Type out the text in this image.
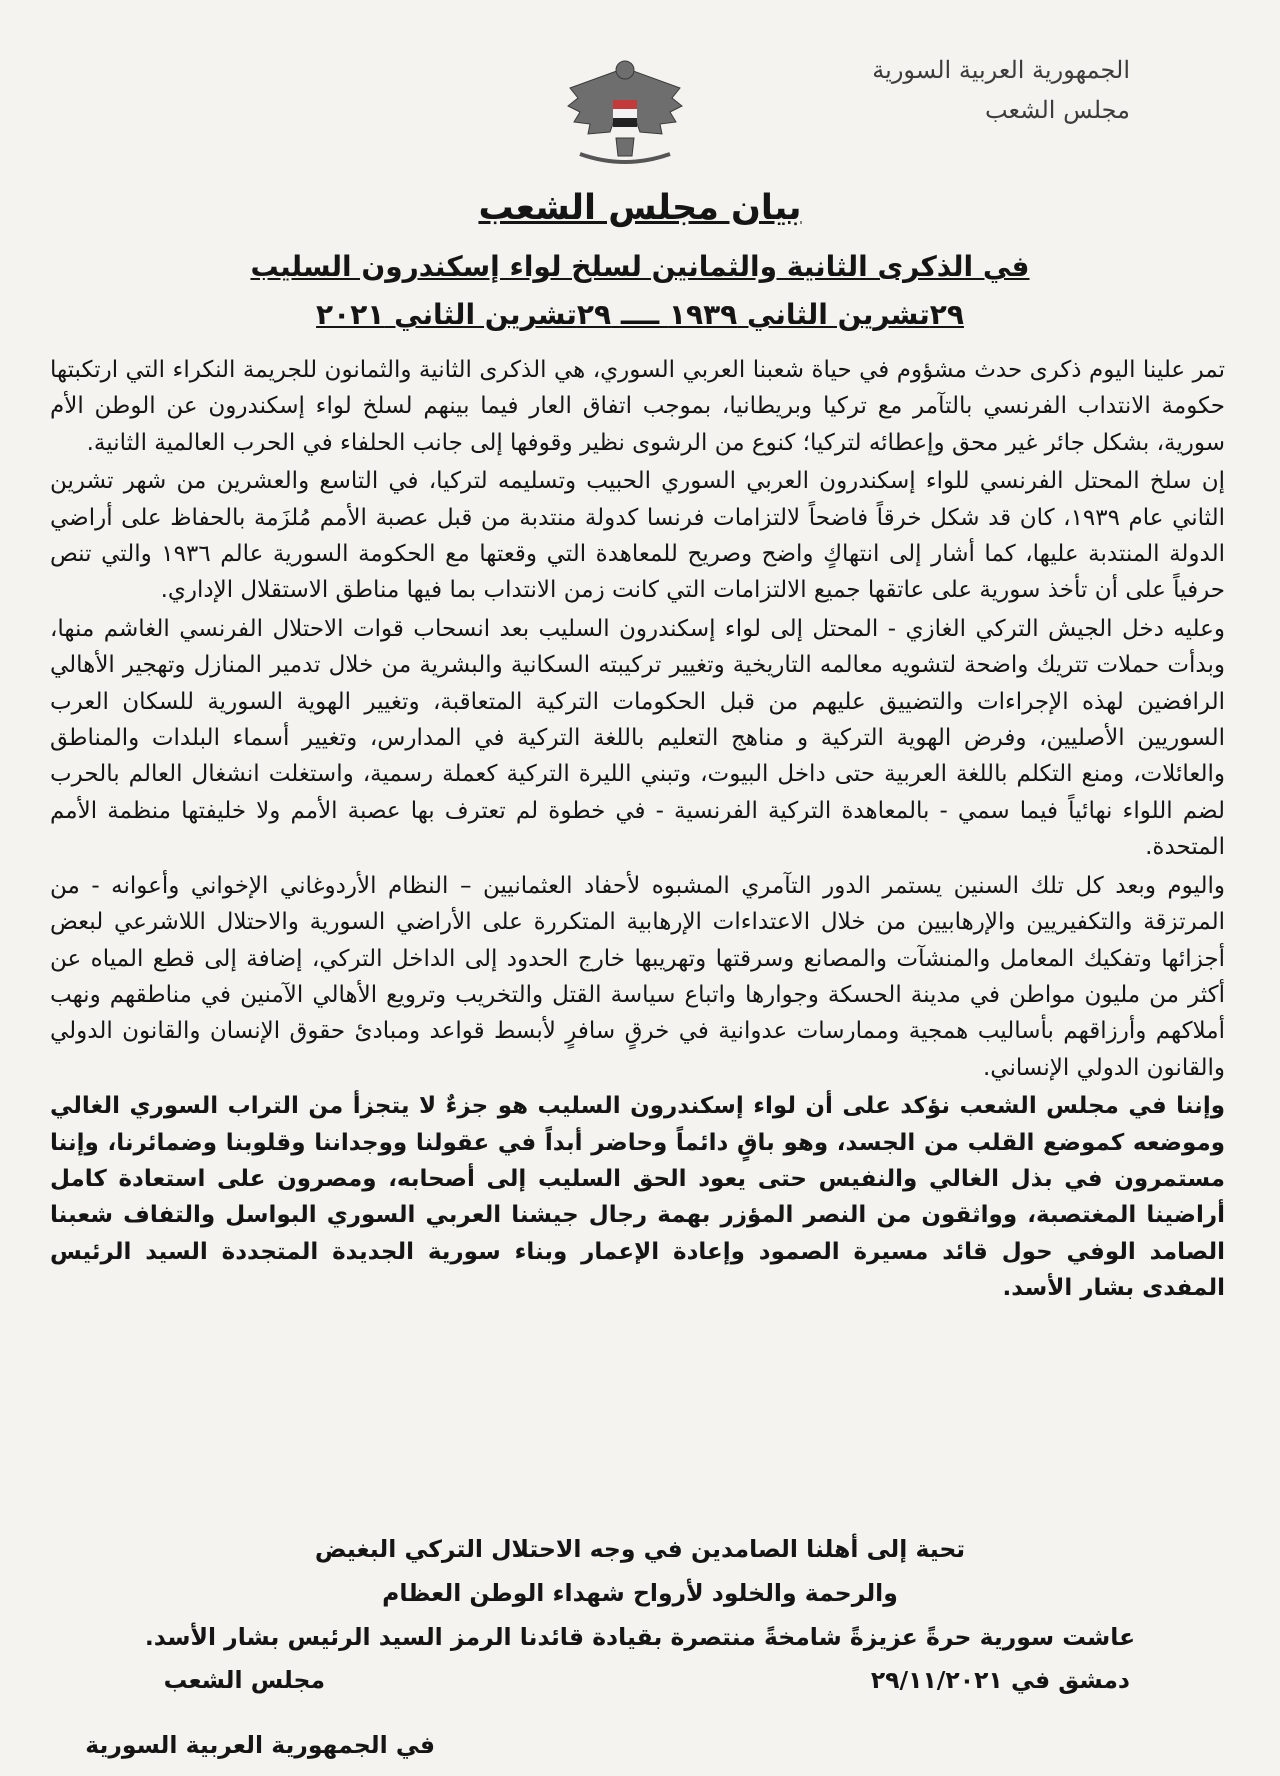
الجمهورية العربية السورية
مجلس الشعب
بيان مجلس الشعب
في الذكرى الثانية والثمانين لسلخ لواء إسكندرون السليب
٢٩تشرين الثاني ١٩٣٩ ــــ ٢٩تشرين الثاني ٢٠٢١

تمر علينا اليوم ذكرى حدث مشؤوم في حياة شعبنا العربي السوري، هي الذكرى الثانية والثمانون للجريمة النكراء التي ارتكبتها حكومة الانتداب الفرنسي بالتآمر مع تركيا وبريطانيا، بموجب اتفاق العار فيما بينهم لسلخ لواء إسكندرون عن الوطن الأم سورية، بشكل جائر غير محق وإعطائه لتركيا؛ كنوع من الرشوى نظير وقوفها إلى جانب الحلفاء في الحرب العالمية الثانية.

إن سلخ المحتل الفرنسي للواء إسكندرون العربي السوري الحبيب وتسليمه لتركيا، في التاسع والعشرين من شهر تشرين الثاني عام ١٩٣٩، كان قد شكل خرقاً فاضحاً لالتزامات فرنسا كدولة منتدبة من قبل عصبة الأمم مُلزَمة بالحفاظ على أراضي الدولة المنتدبة عليها، كما أشار إلى انتهاكٍ واضح وصريح للمعاهدة التي وقعتها مع الحكومة السورية عالم ١٩٣٦ والتي تنص حرفياً على أن تأخذ سورية على عاتقها جميع الالتزامات التي كانت زمن الانتداب بما فيها مناطق الاستقلال الإداري.

وعليه دخل الجيش التركي الغازي - المحتل إلى لواء إسكندرون السليب بعد انسحاب قوات الاحتلال الفرنسي الغاشم منها، وبدأت حملات تتريك واضحة لتشويه معالمه التاريخية وتغيير تركيبته السكانية والبشرية من خلال تدمير المنازل وتهجير الأهالي الرافضين لهذه الإجراءات والتضييق عليهم من قبل الحكومات التركية المتعاقبة، وتغيير الهوية السورية للسكان العرب السوريين الأصليين، وفرض الهوية التركية و مناهج التعليم باللغة التركية في المدارس، وتغيير أسماء البلدات والمناطق والعائلات، ومنع التكلم باللغة العربية حتى داخل البيوت، وتبني الليرة التركية كعملة رسمية، واستغلت انشغال العالم بالحرب لضم اللواء نهائياً فيما سمي - بالمعاهدة التركية الفرنسية - في خطوة لم تعترف بها عصبة الأمم ولا خليفتها منظمة الأمم المتحدة.

واليوم وبعد كل تلك السنين يستمر الدور التآمري المشبوه لأحفاد العثمانيين – النظام الأردوغاني الإخواني وأعوانه - من المرتزقة والتكفيريين والإرهابيين من خلال الاعتداءات الإرهابية المتكررة على الأراضي السورية والاحتلال اللاشرعي لبعض أجزائها وتفكيك المعامل والمنشآت والمصانع وسرقتها وتهريبها خارج الحدود إلى الداخل التركي، إضافة إلى قطع المياه عن أكثر من مليون مواطن في مدينة الحسكة وجوارها واتباع سياسة القتل والتخريب وترويع الأهالي الآمنين في مناطقهم ونهب أملاكهم وأرزاقهم بأساليب همجية وممارسات عدوانية في خرقٍ سافرٍ لأبسط قواعد ومبادئ حقوق الإنسان والقانون الدولي والقانون الدولي الإنساني.

وإننا في مجلس الشعب نؤكد على أن لواء إسكندرون السليب هو جزءٌ لا يتجزأ من التراب السوري الغالي وموضعه كموضع القلب من الجسد، وهو باقٍ دائماً وحاضر أبداً في عقولنا ووجداننا وقلوبنا وضمائرنا، وإننا مستمرون في بذل الغالي والنفيس حتى يعود الحق السليب إلى أصحابه، ومصرون على استعادة كامل أراضينا المغتصبة، وواثقون من النصر المؤزر بهمة رجال جيشنا العربي السوري البواسل والتفاف شعبنا الصامد الوفي حول قائد مسيرة الصمود وإعادة الإعمار وبناء سورية الجديدة المتجددة السيد الرئيس المفدى بشار الأسد.

تحية إلى أهلنا الصامدين في وجه الاحتلال التركي البغيض
والرحمة والخلود لأرواح شهداء الوطن العظام
عاشت سورية حرةً عزيزةً شامخةً منتصرة بقيادة قائدنا الرمز السيد الرئيس بشار الأسد.
دمشق في ٢٩/١١/٢٠٢١
مجلس الشعب
في الجمهورية العربية السورية
